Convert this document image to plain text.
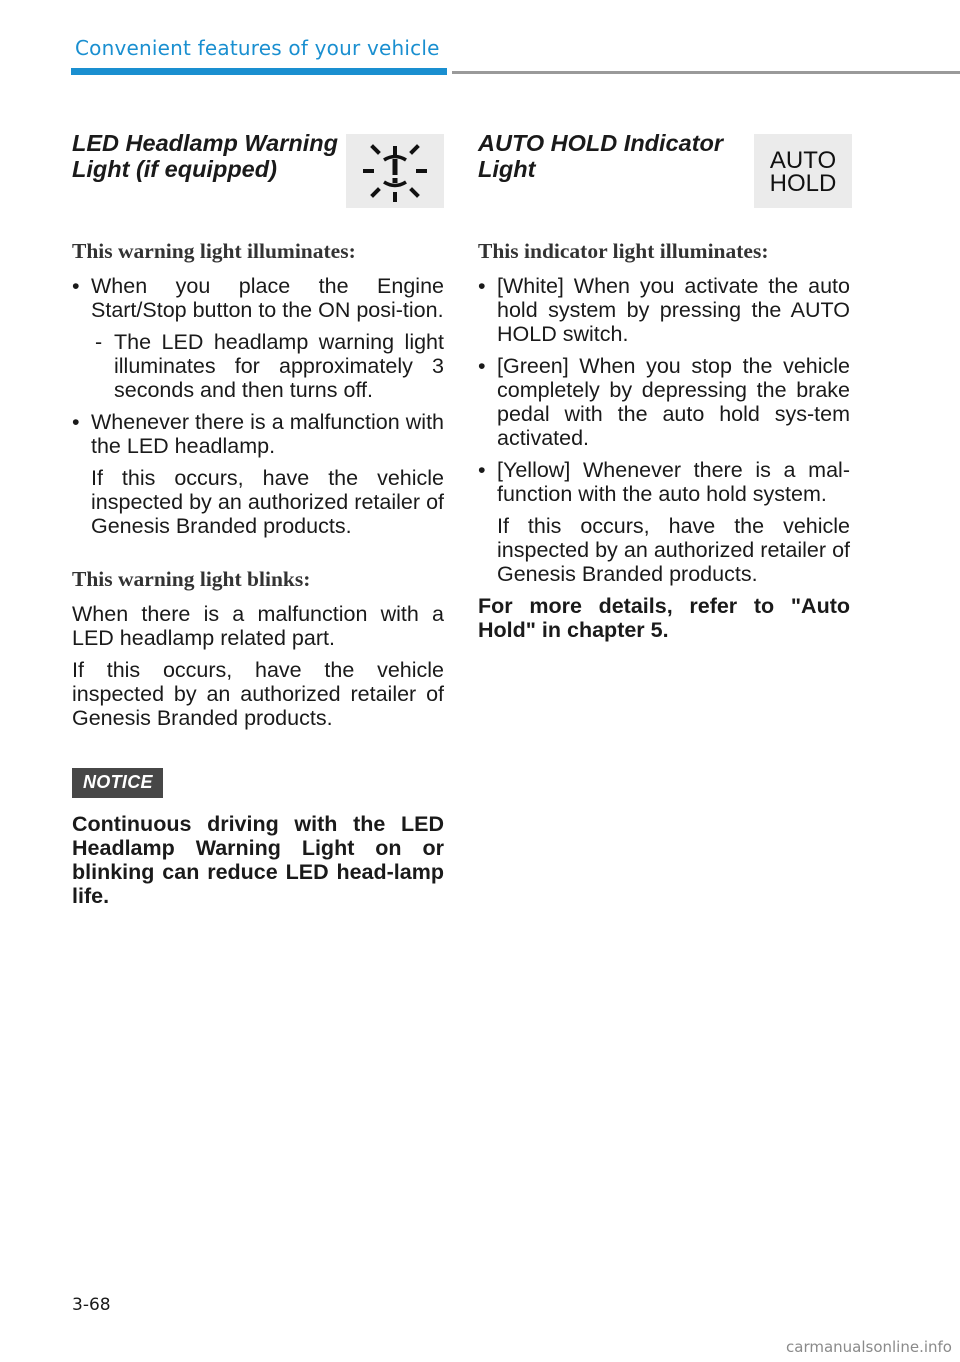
Convenient features of your vehicle
LED Headlamp Warning Light (if equipped)
This warning light illuminates:
• When you place the Engine Start/Stop button to the ON posi-tion.
- The LED headlamp warning light illuminates for approximately 3 seconds and then turns off.
• Whenever there is a malfunction with the LED headlamp.
If this occurs, have the vehicle inspected by an authorized retailer of Genesis Branded products.
This warning light blinks:
When there is a malfunction with a LED headlamp related part.
If this occurs, have the vehicle inspected by an authorized retailer of Genesis Branded products.
NOTICE
Continuous driving with the LED Headlamp Warning Light on or blinking can reduce LED head-lamp life.
AUTO HOLD Indicator Light	AUTO
HOLD
This indicator light illuminates:
• [White] When you activate the auto hold system by pressing the AUTO HOLD switch.
• [Green] When you stop the vehicle completely by depressing the brake pedal with the auto hold sys-tem activated.
• [Yellow] Whenever there is a mal-function with the auto hold system.
If this occurs, have the vehicle inspected by an authorized retailer of Genesis Branded products.
For more details, refer to "Auto Hold" in chapter 5.
3-68
carmanualsonline.info
